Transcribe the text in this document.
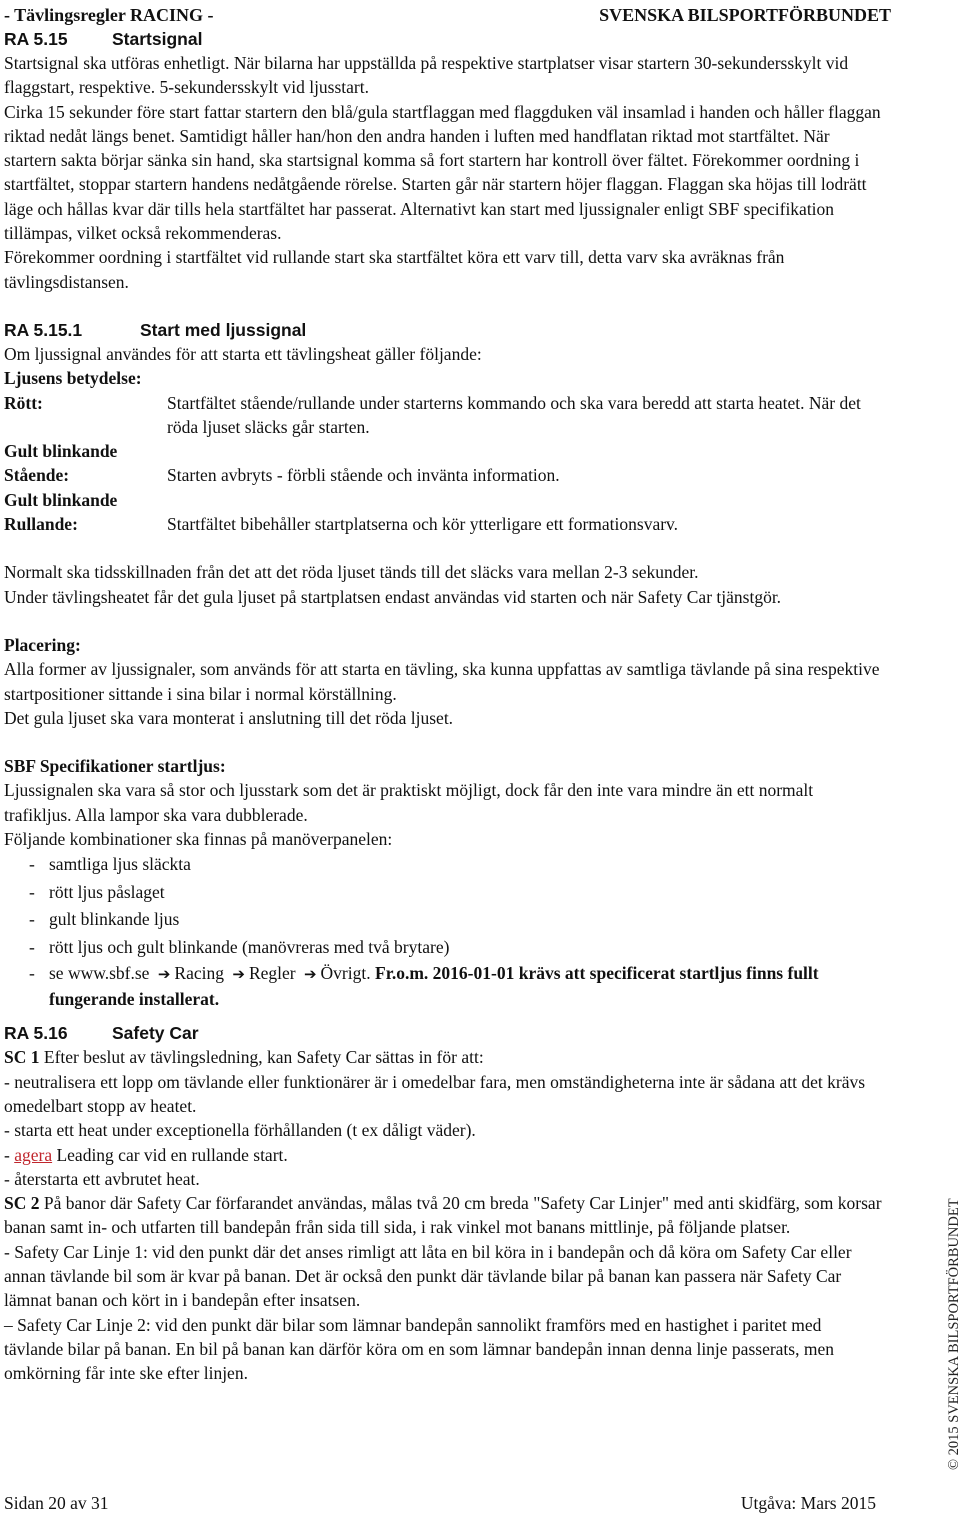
- Tävlingsregler RACING -	SVENSKA BILSPORTFÖRBUNDET
RA 5.15	Startsignal

Startsignal ska utföras enhetligt. När bilarna har uppställda på respektive startplatser visar startern 30-sekundersskylt vid flaggstart, respektive. 5-sekundersskylt vid ljusstart.

Cirka 15 sekunder före start fattar startern den blå/gula startflaggan med flaggduken väl insamlad i handen och håller flaggan riktad nedåt längs benet. Samtidigt håller han/hon den andra handen i luften med handflatan riktad mot startfältet. När startern sakta börjar sänka sin hand, ska startsignal komma så fort startern har kontroll över fältet. Förekommer oordning i startfältet, stoppar startern handens nedåtgående rörelse. Starten går när startern höjer flaggan. Flaggan ska höjas till lodrätt läge och hållas kvar där tills hela startfältet har passerat. Alternativt kan start med ljussignaler enligt SBF specifikation tillämpas, vilket också rekommenderas.

Förekommer oordning i startfältet vid rullande start ska startfältet köra ett varv till, detta varv ska avräknas från tävlingsdistansen.

RA 5.15.1	Start med ljussignal

Om ljussignal användes för att starta ett tävlingsheat gäller följande:

Ljusens betydelse:

Rött:	Startfältet stående/rullande under starterns kommando och ska vara beredd att starta heatet. När det röda ljuset släcks går starten.
Gult blinkande
Stående:
	Starten avbryts - förbli stående och invänta information.
Gult blinkande
Rullande:
	Startfältet bibehåller startplatserna och kör ytterligare ett formationsvarv.

Normalt ska tidsskillnaden från det att det röda ljuset tänds till det släcks vara mellan 2-3 sekunder.

Under tävlingsheatet får det gula ljuset på startplatsen endast användas vid starten och när Safety Car tjänstgör.

Placering:

Alla former av ljussignaler, som används för att starta en tävling, ska kunna uppfattas av samtliga tävlande på sina respektive startpositioner sittande i sina bilar i normal körställning.

Det gula ljuset ska vara monterat i anslutning till det röda ljuset.

SBF Specifikationer startljus:

Ljussignalen ska vara så stor och ljusstark som det är praktiskt möjligt, dock får den inte vara mindre än ett normalt trafikljus. Alla lampor ska vara dubblerade.

Följande kombinationer ska finnas på manöverpanelen:

- samtliga ljus släckta
- rött ljus påslaget
- gult blinkande ljus
- rött ljus och gult blinkande (manövreras med två brytare)
- se www.sbf.se ➔ Racing ➔ Regler ➔ Övrigt. Fr.o.m. 2016-01-01 krävs att specificerat startljus finns fullt fungerande installerat.
RA 5.16	Safety Car

SC 1 Efter beslut av tävlingsledning, kan Safety Car sättas in för att:

- neutralisera ett lopp om tävlande eller funktionärer är i omedelbar fara, men omständigheterna inte är sådana att det krävs omedelbart stopp av heatet.

- starta ett heat under exceptionella förhållanden (t ex dåligt väder).

- agera Leading car vid en rullande start.

- återstarta ett avbrutet heat.

SC 2 På banor där Safety Car förfarandet användas, målas två 20 cm breda "Safety Car Linjer" med anti skidfärg, som korsar banan samt in- och utfarten till bandepån från sida till sida, i rak vinkel mot banans mittlinje, på följande platser.

- Safety Car Linje 1: vid den punkt där det anses rimligt att låta en bil köra in i bandepån och då köra om Safety Car eller annan tävlande bil som är kvar på banan. Det är också den punkt där tävlande bilar på banan kan passera när Safety Car lämnat banan och kört in i bandepån efter insatsen.

– Safety Car Linje 2: vid den punkt där bilar som lämnar bandepån sannolikt framförs med en hastighet i paritet med tävlande bilar på banan. En bil på banan kan därför köra om en som lämnar bandepån innan denna linje passerats, men omkörning får inte ske efter linjen.	© 2015 SVENSKA BILSPORTFÖRBUNDET
Sidan 20 av 31	Utgåva: Mars 2015
